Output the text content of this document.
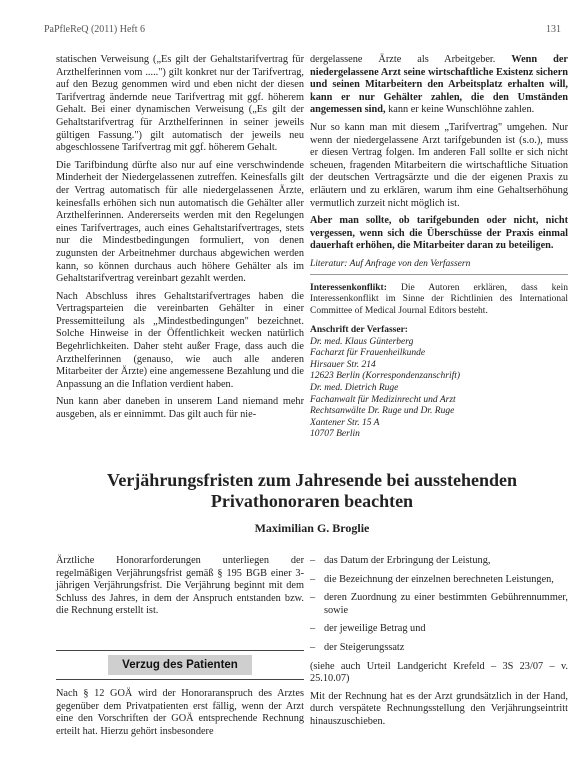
PaPfleReQ (2011) Heft 6	131

statischen Verweisung („Es gilt der Gehaltstarifvertrag für Arzthelferinnen vom .....") gilt konkret nur der Tarifvertrag, auf den Bezug genommen wird und eben nicht der diesen Tarifvertrag ändernde neue Tarifvertrag mit ggf. höherem Gehalt. Bei einer dynamischen Verweisung („Es gilt der Gehaltstarifvertrag für Arzthelferinnen in seiner jeweils gültigen Fassung.") gilt automatisch der jeweils neu abgeschlossene Tarifvertrag mit ggf. höherem Gehalt.

Die Tarifbindung dürfte also nur auf eine verschwindende Minderheit der Niedergelassenen zutreffen. Keinesfalls gilt der Vertrag automatisch für alle niedergelassenen Ärzte, keinesfalls erhöhen sich nun automatisch die Gehälter aller Arzthelferinnen. Andererseits werden mit den Regelungen eines Tarifvertrages, auch eines Gehaltstarifvertrages, stets nur die Mindestbedingungen formuliert, von denen zugunsten der Arbeitnehmer durchaus abgewichen werden kann, so können durchaus auch höhere Gehälter als im Gehaltstarifvertrag vereinbart gezahlt werden.

Nach Abschluss ihres Gehaltstarifvertrages haben die Vertragsparteien die vereinbarten Gehälter in einer Pressemitteilung als „Mindestbedingungen" bezeichnet. Solche Hinweise in der Öffentlichkeit wecken natürlich Begehrlichkeiten. Daher steht außer Frage, dass auch die Arzthelferinnen (genauso, wie auch alle anderen Mitarbeiter der Ärzte) eine angemessene Bezahlung und die Anpassung an die Inflation verdient haben.

Nun kann aber daneben in unserem Land niemand mehr ausgeben, als er einnimmt. Das gilt auch für nie-

dergelassene Ärzte als Arbeitgeber. Wenn der niedergelassene Arzt seine wirtschaftliche Existenz sichern und seinen Mitarbeitern den Arbeitsplatz erhalten will, kann er nur Gehälter zahlen, die den Umständen angemessen sind, kann er keine Wunschlöhne zahlen.

Nur so kann man mit diesem „Tarifvertrag" umgehen. Nur wenn der niedergelassene Arzt tarifgebunden ist (s.o.), muss er diesen Vertrag folgen. Im anderen Fall sollte er sich nicht scheuen, fragenden Mitarbeitern die wirtschaftliche Situation der deutschen Vertragsärzte und die der eigenen Praxis zu erläutern und zu erklären, warum ihm eine Gehaltserhöhung vermutlich zurzeit nicht möglich ist.

Aber man sollte, ob tarifgebunden oder nicht, nicht vergessen, wenn sich die Überschüsse der Praxis einmal dauerhaft erhöhen, die Mitarbeiter daran zu beteiligen.

Literatur: Auf Anfrage von den Verfassern
Interessenkonflikt: Die Autoren erklären, dass kein Interessenkonflikt im Sinne der Richtlinien des International Committee of Medical Journal Editors besteht.
Anschrift der Verfasser:
Dr. med. Klaus Günterberg
Facharzt für Frauenheilkunde
Hirsauer Str. 214
12623 Berlin (Korrespondenzanschrift)
Dr. med. Dietrich Ruge
Fachanwalt für Medizinrecht und Arzt
Rechtsanwälte Dr. Ruge und Dr. Ruge
Xantener Str. 15 A
10707 Berlin
Verjährungsfristen zum Jahresende bei ausstehenden
Privathonoraren beachten
Maximilian G. Broglie

Ärztliche Honorarforderungen unterliegen der regelmäßigen Verjährungsfrist gemäß § 195 BGB einer 3-jährigen Verjährungsfrist. Die Verjährung beginnt mit dem Schluss des Jahres, in dem der Anspruch entstanden bzw. die Rechnung erstellt ist.

Verzug des Patienten

Nach § 12 GOÄ wird der Honoraranspruch des Arztes gegenüber dem Privatpatienten erst fällig, wenn der Arzt eine den Vorschriften der GOÄ entsprechende Rechnung erteilt hat. Hierzu gehört insbesondere

– das Datum der Erbringung der Leistung,
– die Bezeichnung der einzelnen berechneten Leistungen,
– deren Zuordnung zu einer bestimmten Gebührennummer, sowie
– der jeweilige Betrag und
– der Steigerungssatz

(siehe auch Urteil Landgericht Krefeld – 3S 23/07 – v. 25.10.07)

Mit der Rechnung hat es der Arzt grundsätzlich in der Hand, durch verspätete Rechnungsstellung den Verjährungseintritt hinauszuschieben.
